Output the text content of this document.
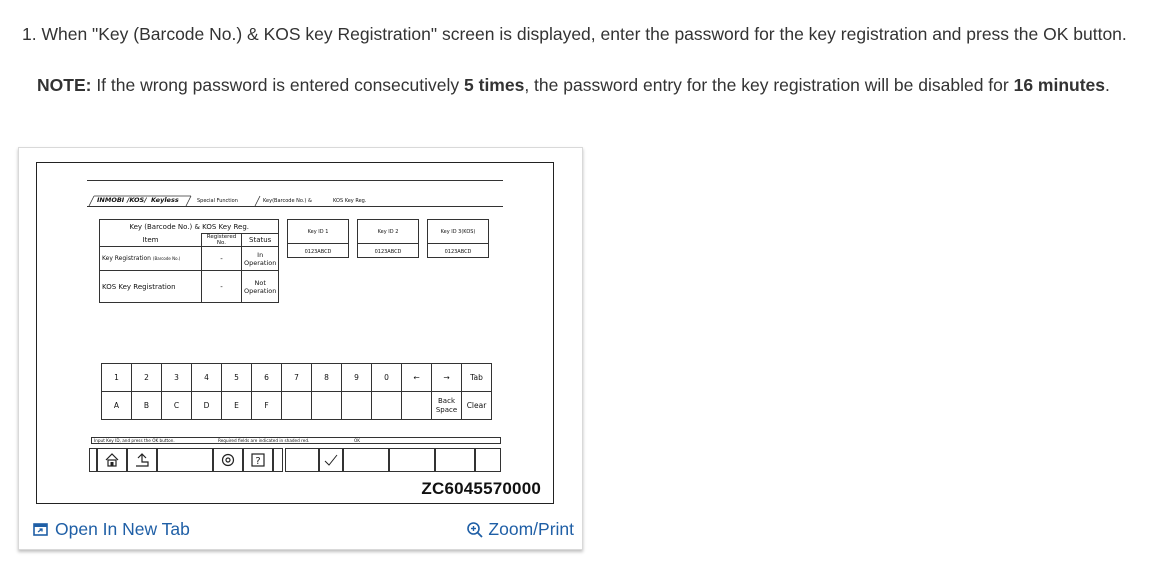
1. When "Key (Barcode No.) & KOS key Registration" screen is displayed, enter the password for the key registration and press the OK button.
NOTE: If the wrong password is entered consecutively 5 times, the password entry for the key registration will be disabled for 16 minutes.
INMOBI /KOS/ Keyless	Special Function	Key(Barcode No.) &	KOS Key Reg.
Key (Barcode No.) & KOS Key Reg.		
Item	Registered No.	Status
Key Registration (Barcode No.)	-	In Operation
KOS Key Registration	-	Not Operation
Key ID 1
0123ABCD
Key ID 2
0123ABCD
Key ID 3(KOS)
0123ABCD
1	2	3	4	5	6	7	8	9	0	←	→	Tab
A	B	C	D	E	F						Back Space	Clear
Input Key ID, and press the OK button.	Required fields are indicated in shaded red.	OK
?
ZC6045570000
Open In New Tab	Zoom/Print
